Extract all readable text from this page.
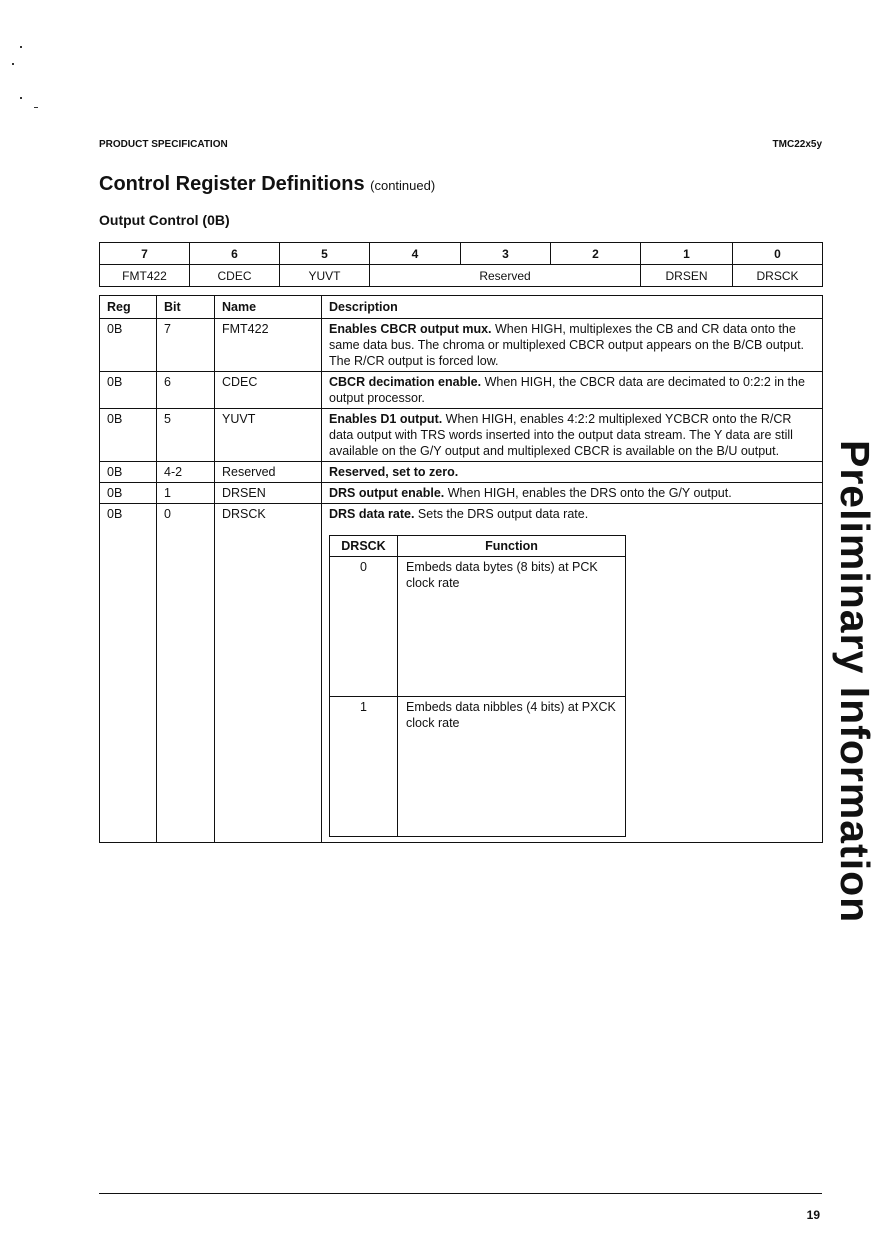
PRODUCT SPECIFICATION	TMC22x5y
Control Register Definitions (continued)
Output Control (0B)
7	6	5	4	3	2	1	0
FMT422	CDEC	YUVT	Reserved			DRSEN	DRSCK
Reg	Bit	Name	Description
0B	7	FMT422	Enables CBCR output mux. When HIGH, multiplexes the CB and CR data onto the same data bus. The chroma or multiplexed CBCR output appears on the B/CB output. The R/CR output is forced low.
0B	6	CDEC	CBCR decimation enable. When HIGH, the CBCR data are decimated to 0:2:2 in the output processor.
0B	5	YUVT	Enables D1 output. When HIGH, enables 4:2:2 multiplexed YCBCR onto the R/CR data output with TRS words inserted into the output data stream. The Y data are still available on the G/Y output and multiplexed CBCR is available on the B/U output.
0B	4-2	Reserved	Reserved, set to zero.
0B	1	DRSEN	DRS output enable. When HIGH, enables the DRS onto the G/Y output.
0B	0	DRSCK	DRS data rate. Sets the DRS output data rate.
DRSCK	Function
0	Embeds data bytes (8 bits) at PCK clock rate
1	Embeds data nibbles (4 bits) at PXCK clock rate	Preliminary Information
19
